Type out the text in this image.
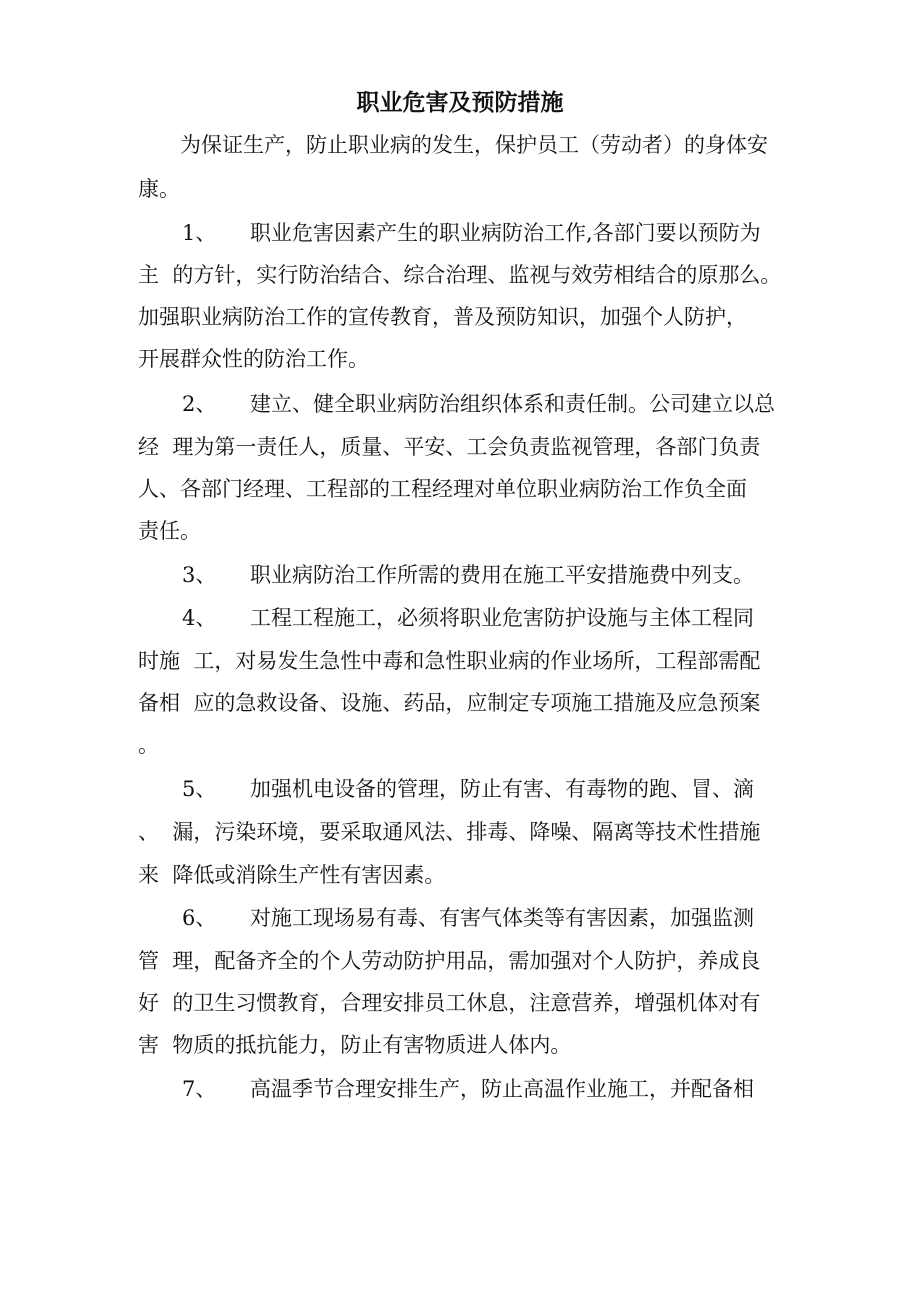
职业危害及预防措施
为保证生产，防止职业病的发生，保护员工（劳动者）的身体安
康。
1、 职业危害因素产生的职业病防治工作,各部门要以预防为
主  的方针，实行防治结合、综合治理、监视与效劳相结合的原那么。
加强职业病防治工作的宣传教育，普及预防知识，加强个人防护，
开展群众性的防治工作。
2、 建立、健全职业病防治组织体系和责任制。公司建立以总
经  理为第一责任人，质量、平安、工会负责监视管理，各部门负责
人、各部门经理、工程部的工程经理对单位职业病防治工作负全面
责任。
3、 职业病防治工作所需的费用在施工平安措施费中列支。
4、 工程工程施工，必须将职业危害防护设施与主体工程同
时施  工，对易发生急性中毒和急性职业病的作业场所，工程部需配
备相  应的急救设备、设施、药品，应制定专项施工措施及应急预案
。
5、 加强机电设备的管理，防止有害、有毒物的跑、冒、滴
、  漏，污染环境，要采取通风法、排毒、降噪、隔离等技术性措施
来  降低或消除生产性有害因素。
6、 对施工现场易有毒、有害气体类等有害因素，加强监测
管  理，配备齐全的个人劳动防护用品，需加强对个人防护，养成良
好  的卫生习惯教育，合理安排员工休息，注意营养，增强机体对有
害  物质的抵抗能力，防止有害物质进人体内。
7、 高温季节合理安排生产，防止高温作业施工，并配备相
